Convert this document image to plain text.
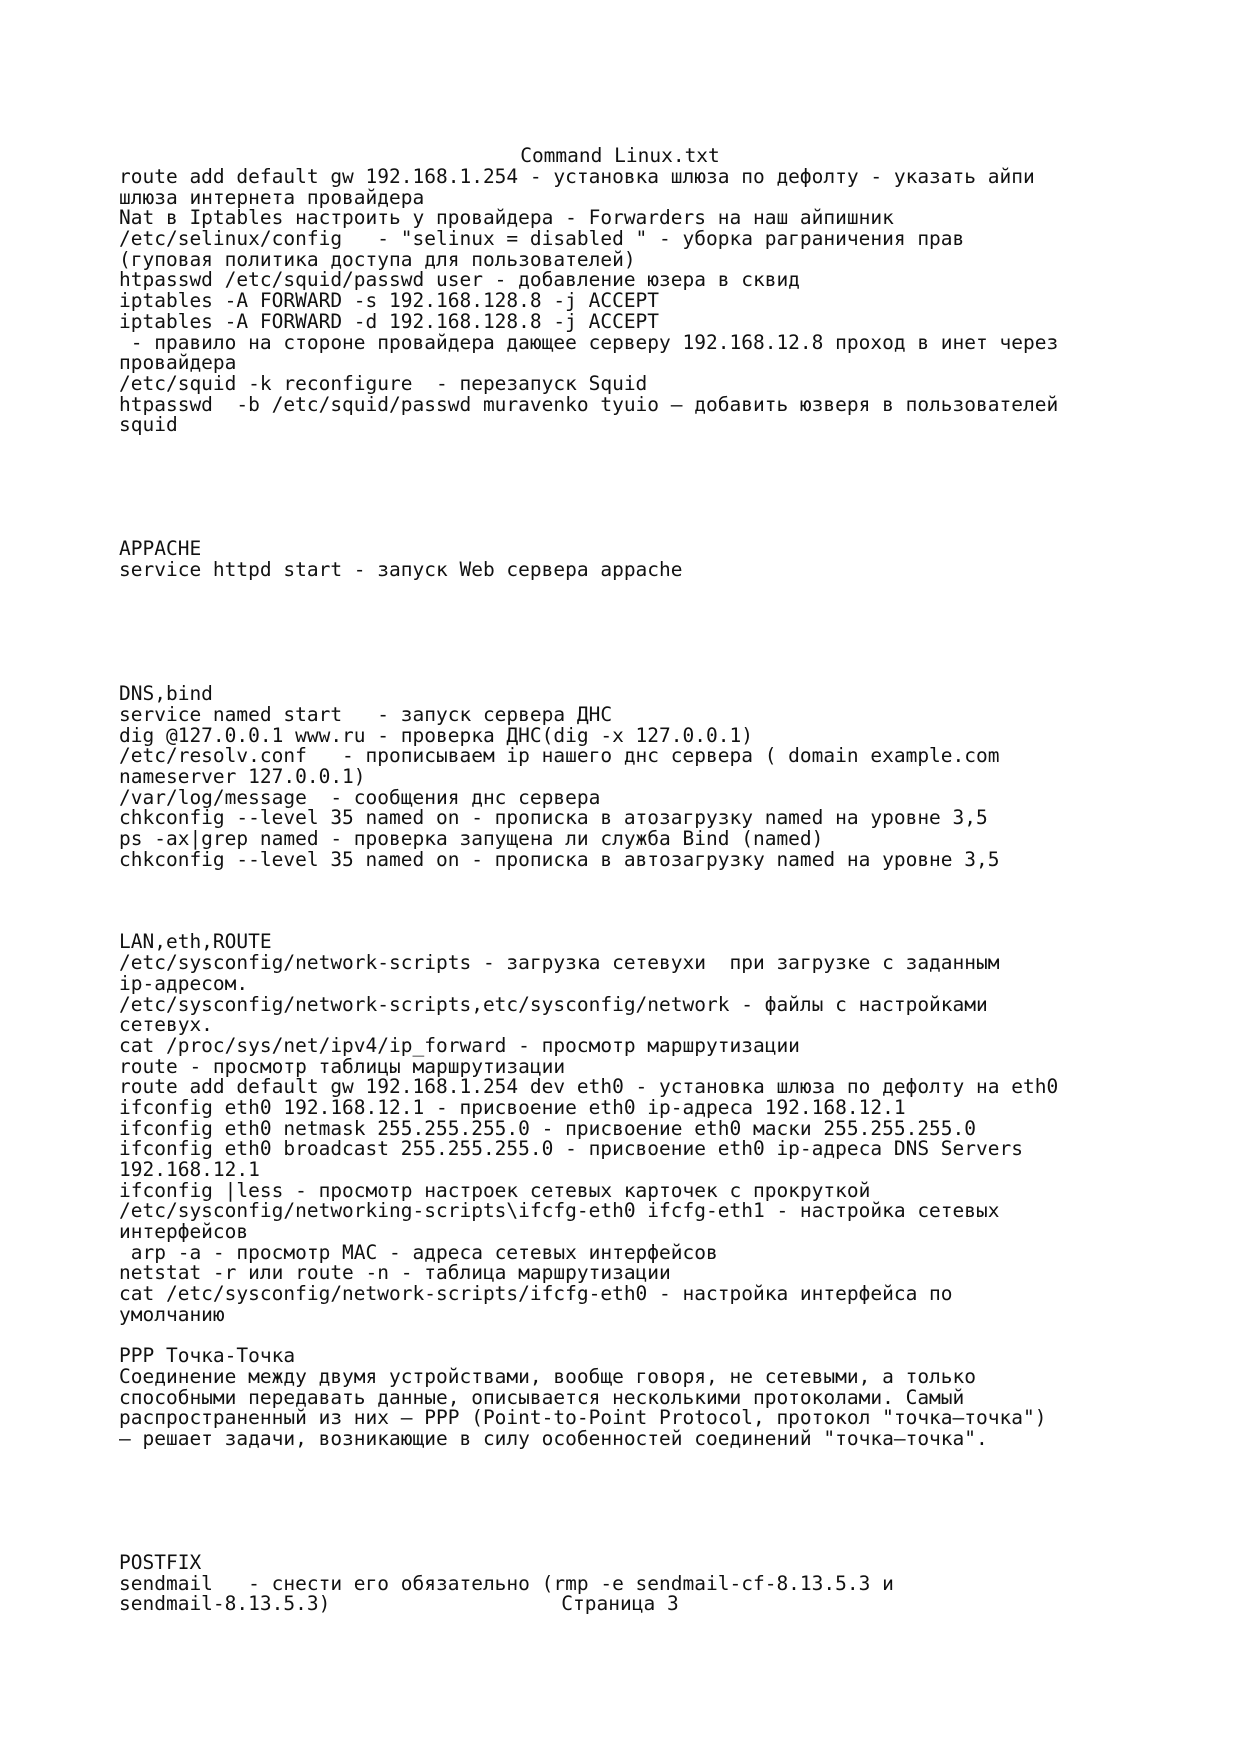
Command Linux.txt
route add default gw 192.168.1.254 - установка шлюза по дефолту - указать айпи
шлюза интернета провайдера
Nat в Iptables настроить у провайдера - Forwarders на наш айпишник
/etc/selinux/config   - "selinux = disabled " - уборка рагpаничения прав
(гуповая политика доступа для пользователей)
htpasswd /etc/squid/passwd user - добавление юзера в сквид
iptables -A FORWARD -s 192.168.128.8 -j ACCEPT
iptables -A FORWARD -d 192.168.128.8 -j ACCEPT
- правило на стороне провайдера дающее серверу 192.168.12.8 проход в инет через
провайдера
/etc/squid -k reconfigure  - перезапуск Squid
htpasswd  -b /etc/squid/passwd muravenko tyuio – добавить юзверя в пользователей
squid
APPACHE
service httpd start - запуск Web сервера appache
DNS,bind
service named start   - запуск сервера ДНС
dig @127.0.0.1 www.ru - проверка ДНС(dig -x 127.0.0.1)
/etc/resolv.conf   - прописываем ip нашего днс сервера ( domain example.com
nameserver 127.0.0.1)
/var/log/message  - сообщения днс сервера
chkconfig --level 35 named on - прописка в атозагрузку named на уровне 3,5
ps -ax|grep named - проверка запущена ли служба Bind (named)
chkconfig --level 35 named on - прописка в автозагрузку named на уровне 3,5
LAN,eth,ROUTE
/etc/sysconfig/network-scripts - загрузка сетевухи  при загрузке с заданным
ip-адресом.
/etc/sysconfig/network-scripts,etc/sysconfig/network - файлы с настройками
сетевух.
cat /proc/sys/net/ipv4/ip_forward - просмотр маршрутизации
route - просмотр таблицы маршрутизации
route add default gw 192.168.1.254 dev eth0 - установка шлюза по дефолту на eth0
ifconfig eth0 192.168.12.1 - присвоение eth0 ip-адреса 192.168.12.1
ifconfig eth0 netmask 255.255.255.0 - присвоение eth0 маски 255.255.255.0
ifconfig eth0 broadcast 255.255.255.0 - присвоение eth0 ip-адреса DNS Servers
192.168.12.1
ifconfig |less - просмотр настроек сетевых карточек с прокруткой
/etc/sysconfig/networking-scripts\ifcfg-eth0 ifcfg-eth1 - настройка сетевых
интерфейсов
arp -a - просмотр MAC - адреса сетевых интерфейсов
netstat -r или route -n - таблица маршрутизации
cat /etc/sysconfig/network-scripts/ifcfg-eth0 - настройка интерфейса по
умолчанию
PPP Точка-Точка
Соединение между двумя устройствами, вообще говоря, не сетевыми, а только
способными передавать данные, описывается несколькими протоколами. Самый
распространенный из них – PPP (Point-to-Point Protocol, протокол "точка–точка")
– решает задачи, возникающие в силу особенностей соединений "точка–точка".
POSTFIX
sendmail   - снести его обязательно (rmp -e sendmail-cf-8.13.5.3 и
sendmail-8.13.5.3)	Страница 3
